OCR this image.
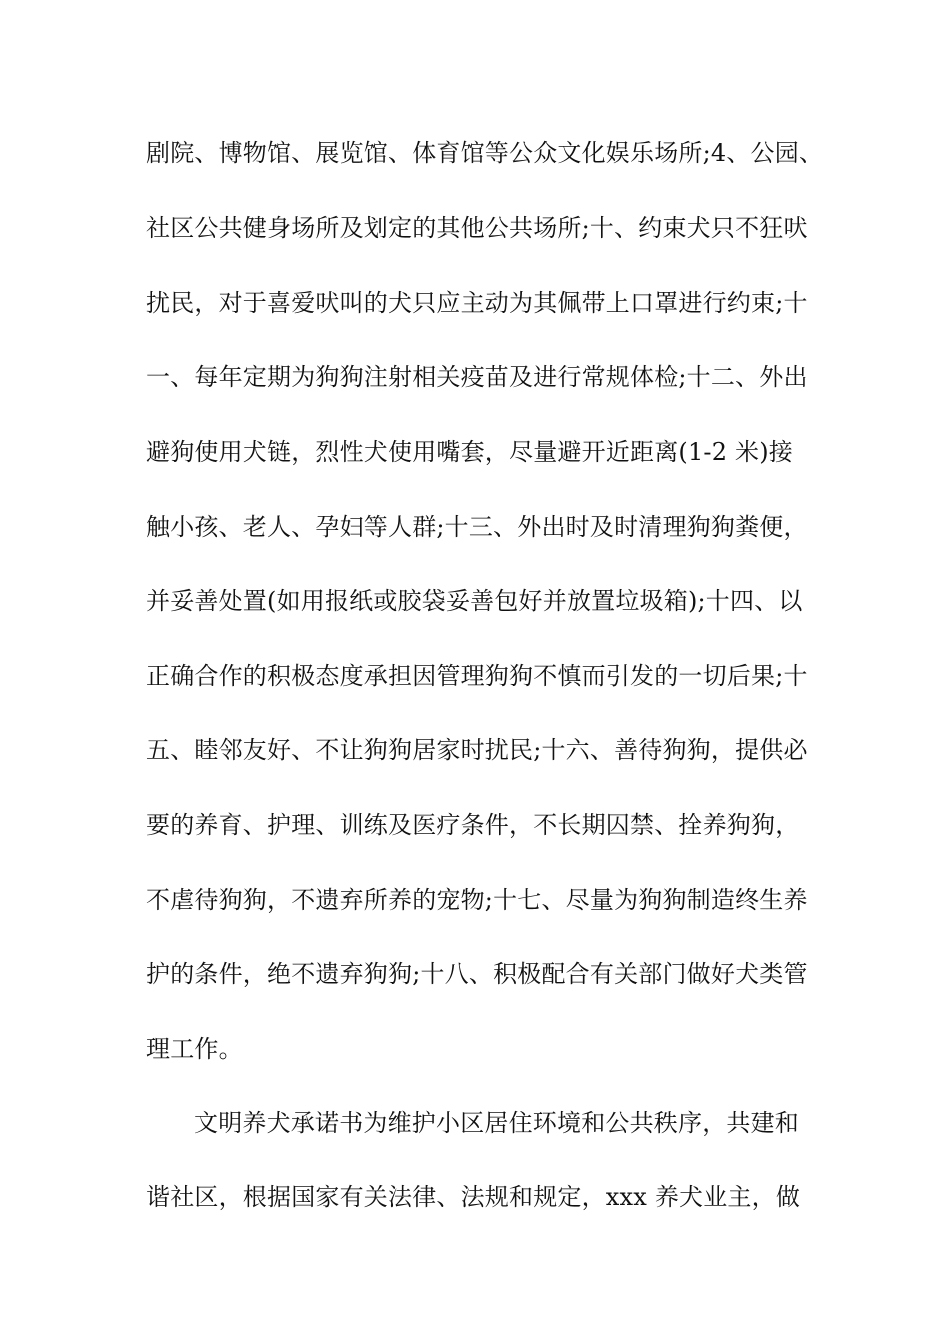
剧院、博物馆、展览馆、体育馆等公众文化娱乐场所;4、公园、
社区公共健身场所及划定的其他公共场所;十、约束犬只不狂吠
扰民，对于喜爱吠叫的犬只应主动为其佩带上口罩进行约束;十
一、每年定期为狗狗注射相关疫苗及进行常规体检;十二、外出
避狗使用犬链，烈性犬使用嘴套，尽量避开近距离(1-2 米)接
触小孩、老人、孕妇等人群;十三、外出时及时清理狗狗粪便，
并妥善处置(如用报纸或胶袋妥善包好并放置垃圾箱);十四、以
正确合作的积极态度承担因管理狗狗不慎而引发的一切后果;十
五、睦邻友好、不让狗狗居家时扰民;十六、善待狗狗，提供必
要的养育、护理、训练及医疗条件，不长期囚禁、拴养狗狗，
不虐待狗狗，不遗弃所养的宠物;十七、尽量为狗狗制造终生养
护的条件，绝不遗弃狗狗;十八、积极配合有关部门做好犬类管
理工作。
文明养犬承诺书为维护小区居住环境和公共秩序，共建和
谐社区，根据国家有关法律、法规和规定，xxx 养犬业主，做
